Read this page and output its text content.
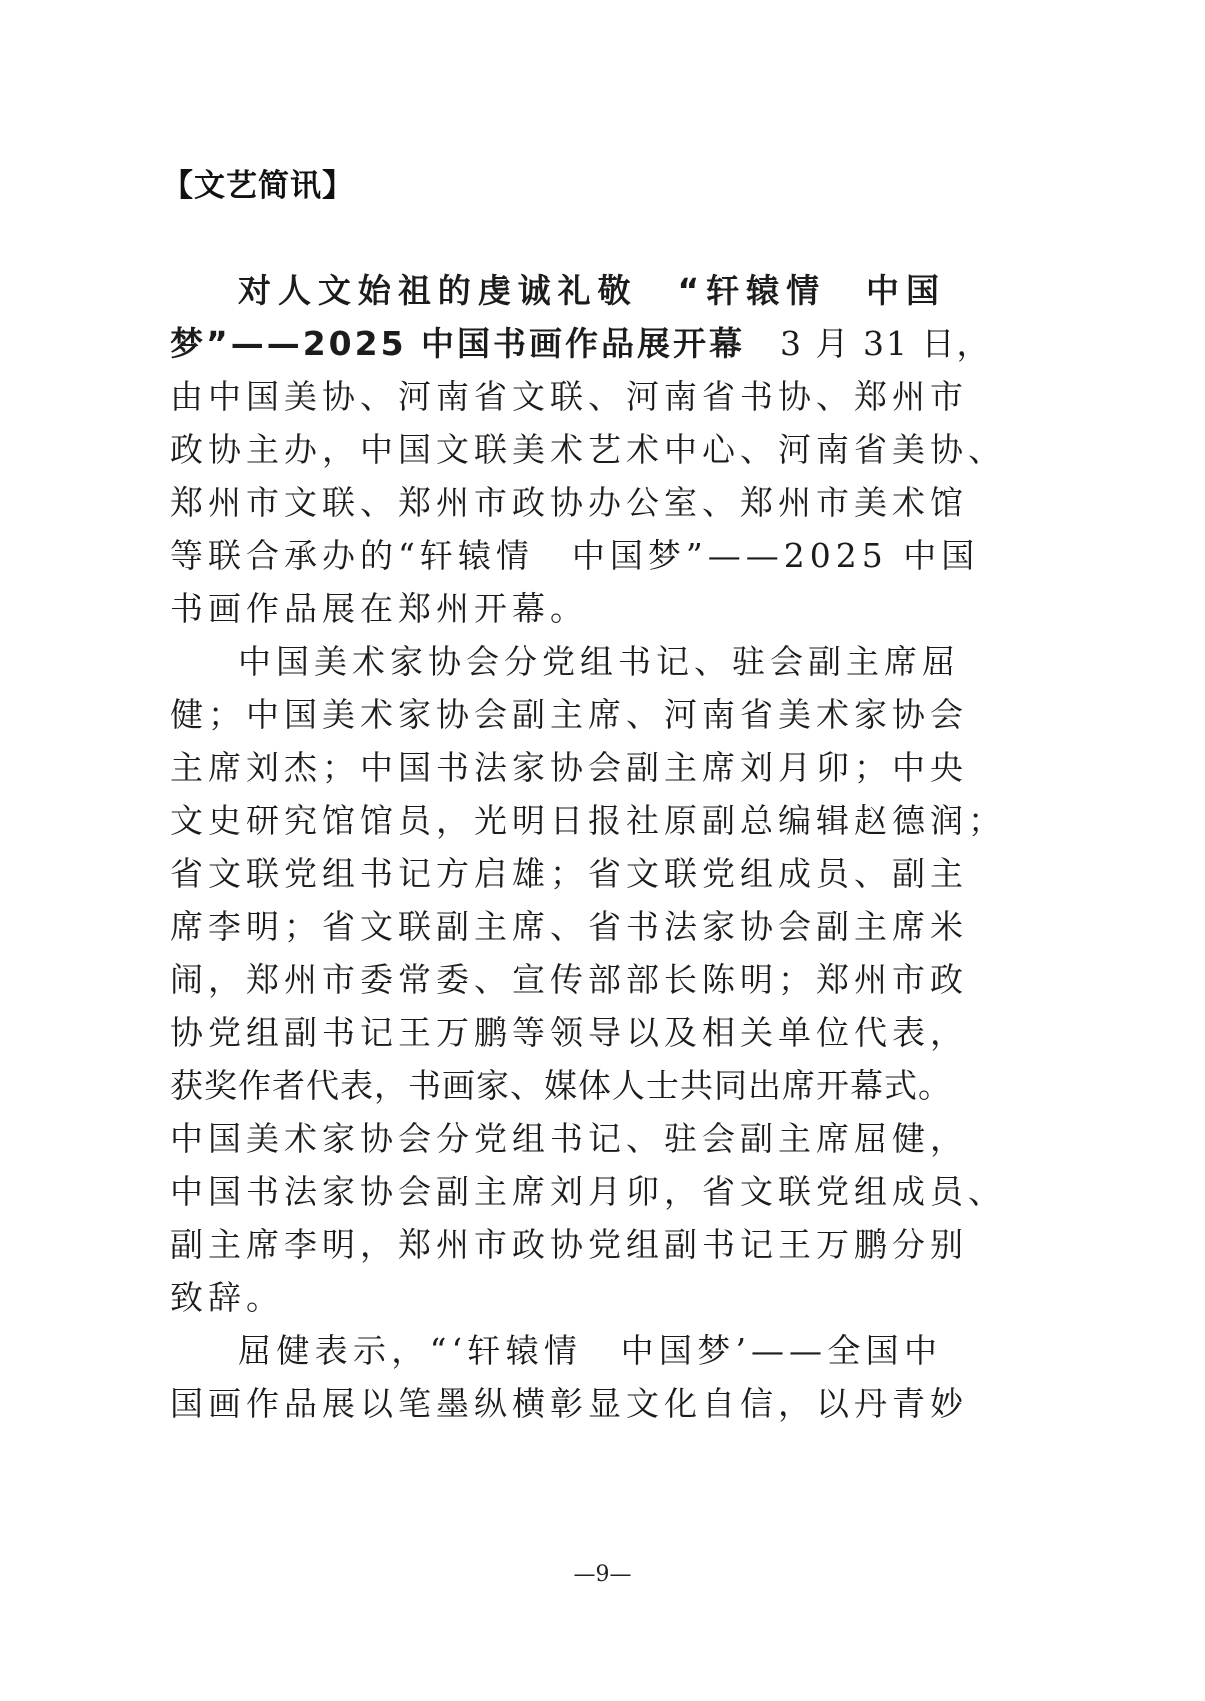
【文艺简讯】
对人文始祖的虔诚礼敬　“轩辕情　中国
梦”——2025 中国书画作品展开幕　 3 月 31 日，
由中国美协、河南省文联、河南省书协、郑州市
政协主办，中国文联美术艺术中心、河南省美协、
郑州市文联、郑州市政协办公室、郑州市美术馆
等联合承办的“轩辕情　中国梦”——2025 中国
书画作品展在郑州开幕。
中国美术家协会分党组书记、驻会副主席屈
健；中国美术家协会副主席、河南省美术家协会
主席刘杰；中国书法家协会副主席刘月卯；中央
文史研究馆馆员，光明日报社原副总编辑赵德润；
省文联党组书记方启雄；省文联党组成员、副主
席李明；省文联副主席、省书法家协会副主席米
闹，郑州市委常委、宣传部部长陈明；郑州市政
协党组副书记王万鹏等领导以及相关单位代表，
获奖作者代表，书画家、媒体人士共同出席开幕式。
中国美术家协会分党组书记、驻会副主席屈健，
中国书法家协会副主席刘月卯，省文联党组成员、
副主席李明，郑州市政协党组副书记王万鹏分别
致辞。
屈健表示，“‘轩辕情　中国梦’——全国中
国画作品展以笔墨纵横彰显文化自信，以丹青妙
—9—
